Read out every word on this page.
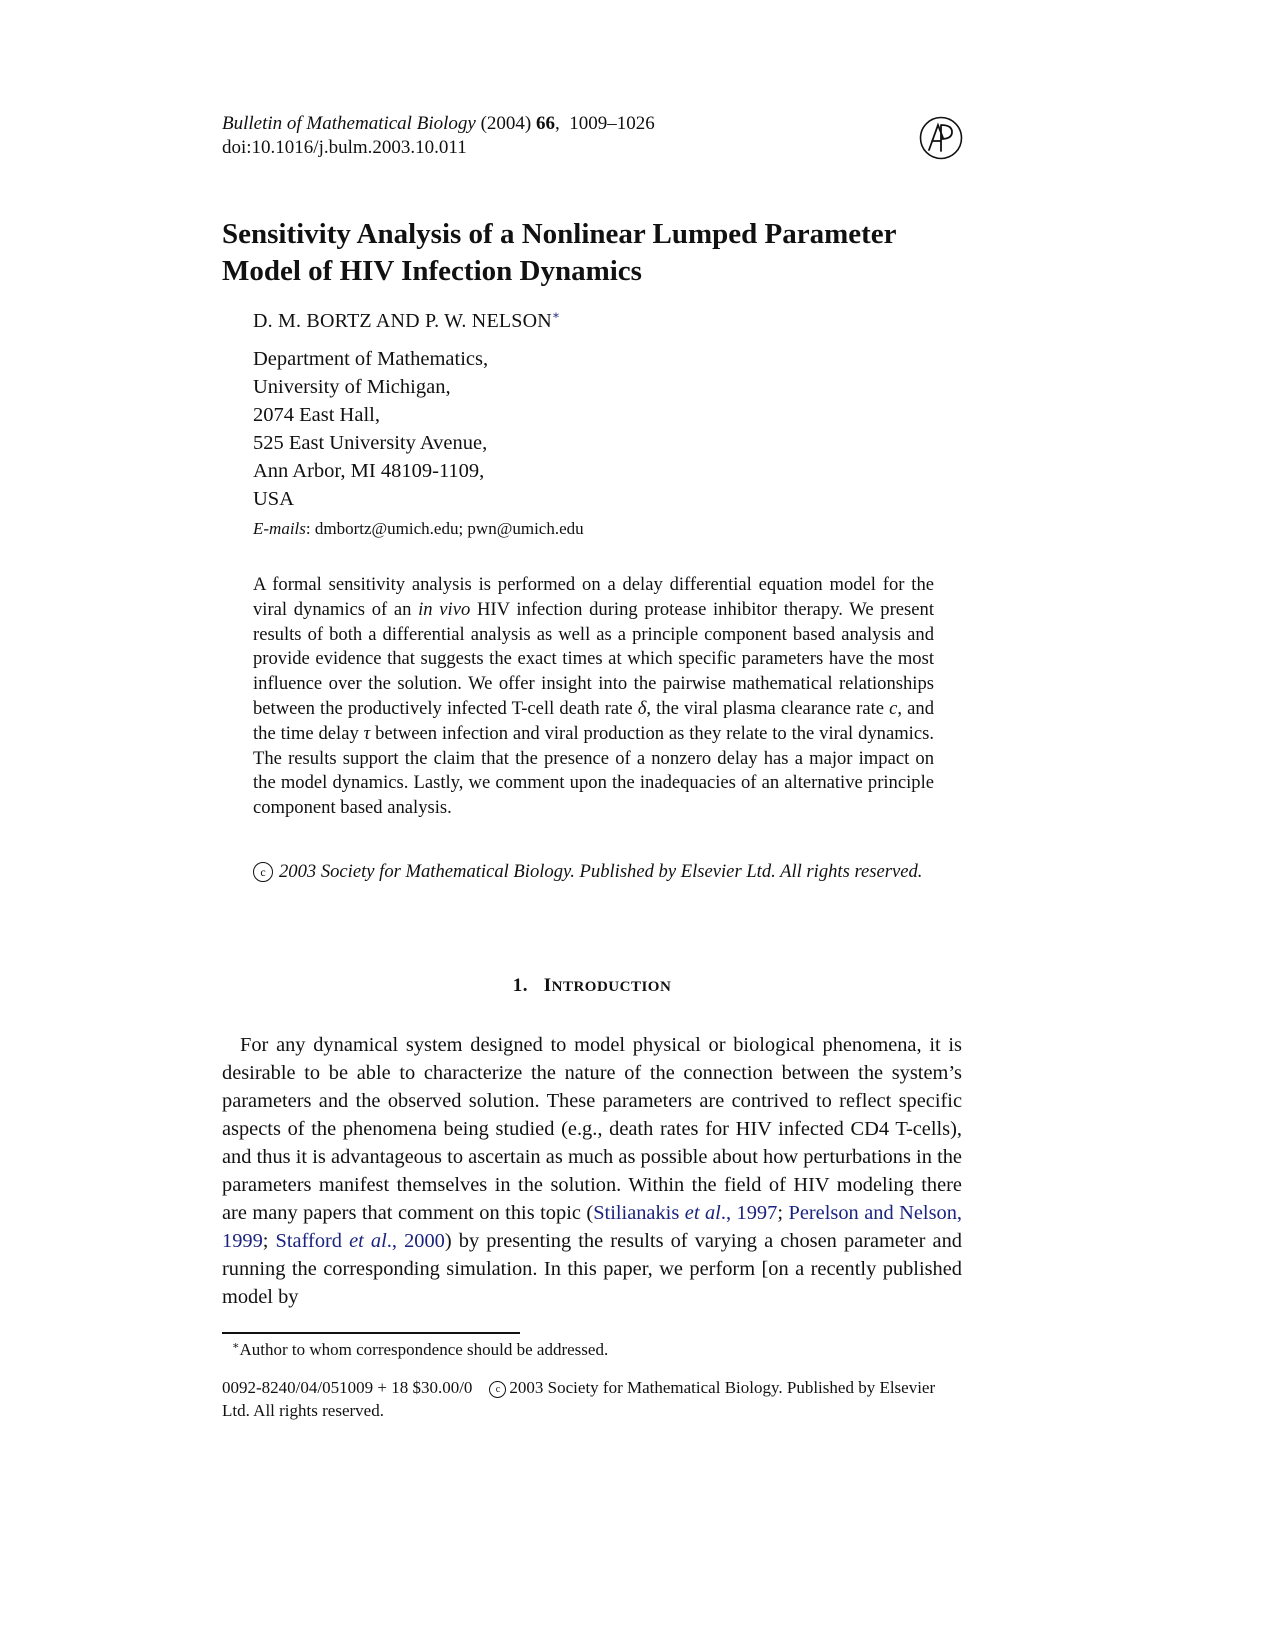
Bulletin of Mathematical Biology (2004) 66,  1009–1026
doi:10.1016/j.bulm.2003.10.011
Sensitivity Analysis of a Nonlinear Lumped Parameter
Model of HIV Infection Dynamics
D. M. BORTZ AND P. W. NELSON∗
Department of Mathematics,
University of Michigan,
2074 East Hall,
525 East University Avenue,
Ann Arbor, MI 48109-1109,
USA
E-mails: dmbortz@umich.edu; pwn@umich.edu

A formal sensitivity analysis is performed on a delay differential equation model for the viral dynamics of an in vivo HIV infection during protease inhibitor therapy. We present results of both a differential analysis as well as a principle component based analysis and provide evidence that suggests the exact times at which specific parameters have the most influence over the solution. We offer insight into the pairwise mathematical relationships between the productively infected T-cell death rate δ, the viral plasma clearance rate c, and the time delay τ between infection and viral production as they relate to the viral dynamics. The results support the claim that the presence of a nonzero delay has a major impact on the model dynamics. Lastly, we comment upon the inadequacies of an alternative principle component based analysis.

c 2003 Society for Mathematical Biology. Published by Elsevier Ltd. All rights reserved.
1. INTRODUCTION

For any dynamical system designed to model physical or biological phenomena, it is desirable to be able to characterize the nature of the connection between the system’s parameters and the observed solution. These parameters are contrived to reflect specific aspects of the phenomena being studied (e.g., death rates for HIV infected CD4 T-cells), and thus it is advantageous to ascertain as much as possible about how perturbations in the parameters manifest themselves in the solution. Within the field of HIV modeling there are many papers that comment on this topic (Stilianakis et al., 1997; Perelson and Nelson, 1999; Stafford et al., 2000) by presenting the results of varying a chosen parameter and running the corresponding simulation. In this paper, we perform [on a recently published model by

∗Author to whom correspondence should be addressed.
0092-8240/04/051009 + 18 $30.00/0 c 2003 Society for Mathematical Biology. Published by Elsevier Ltd. All rights reserved.
